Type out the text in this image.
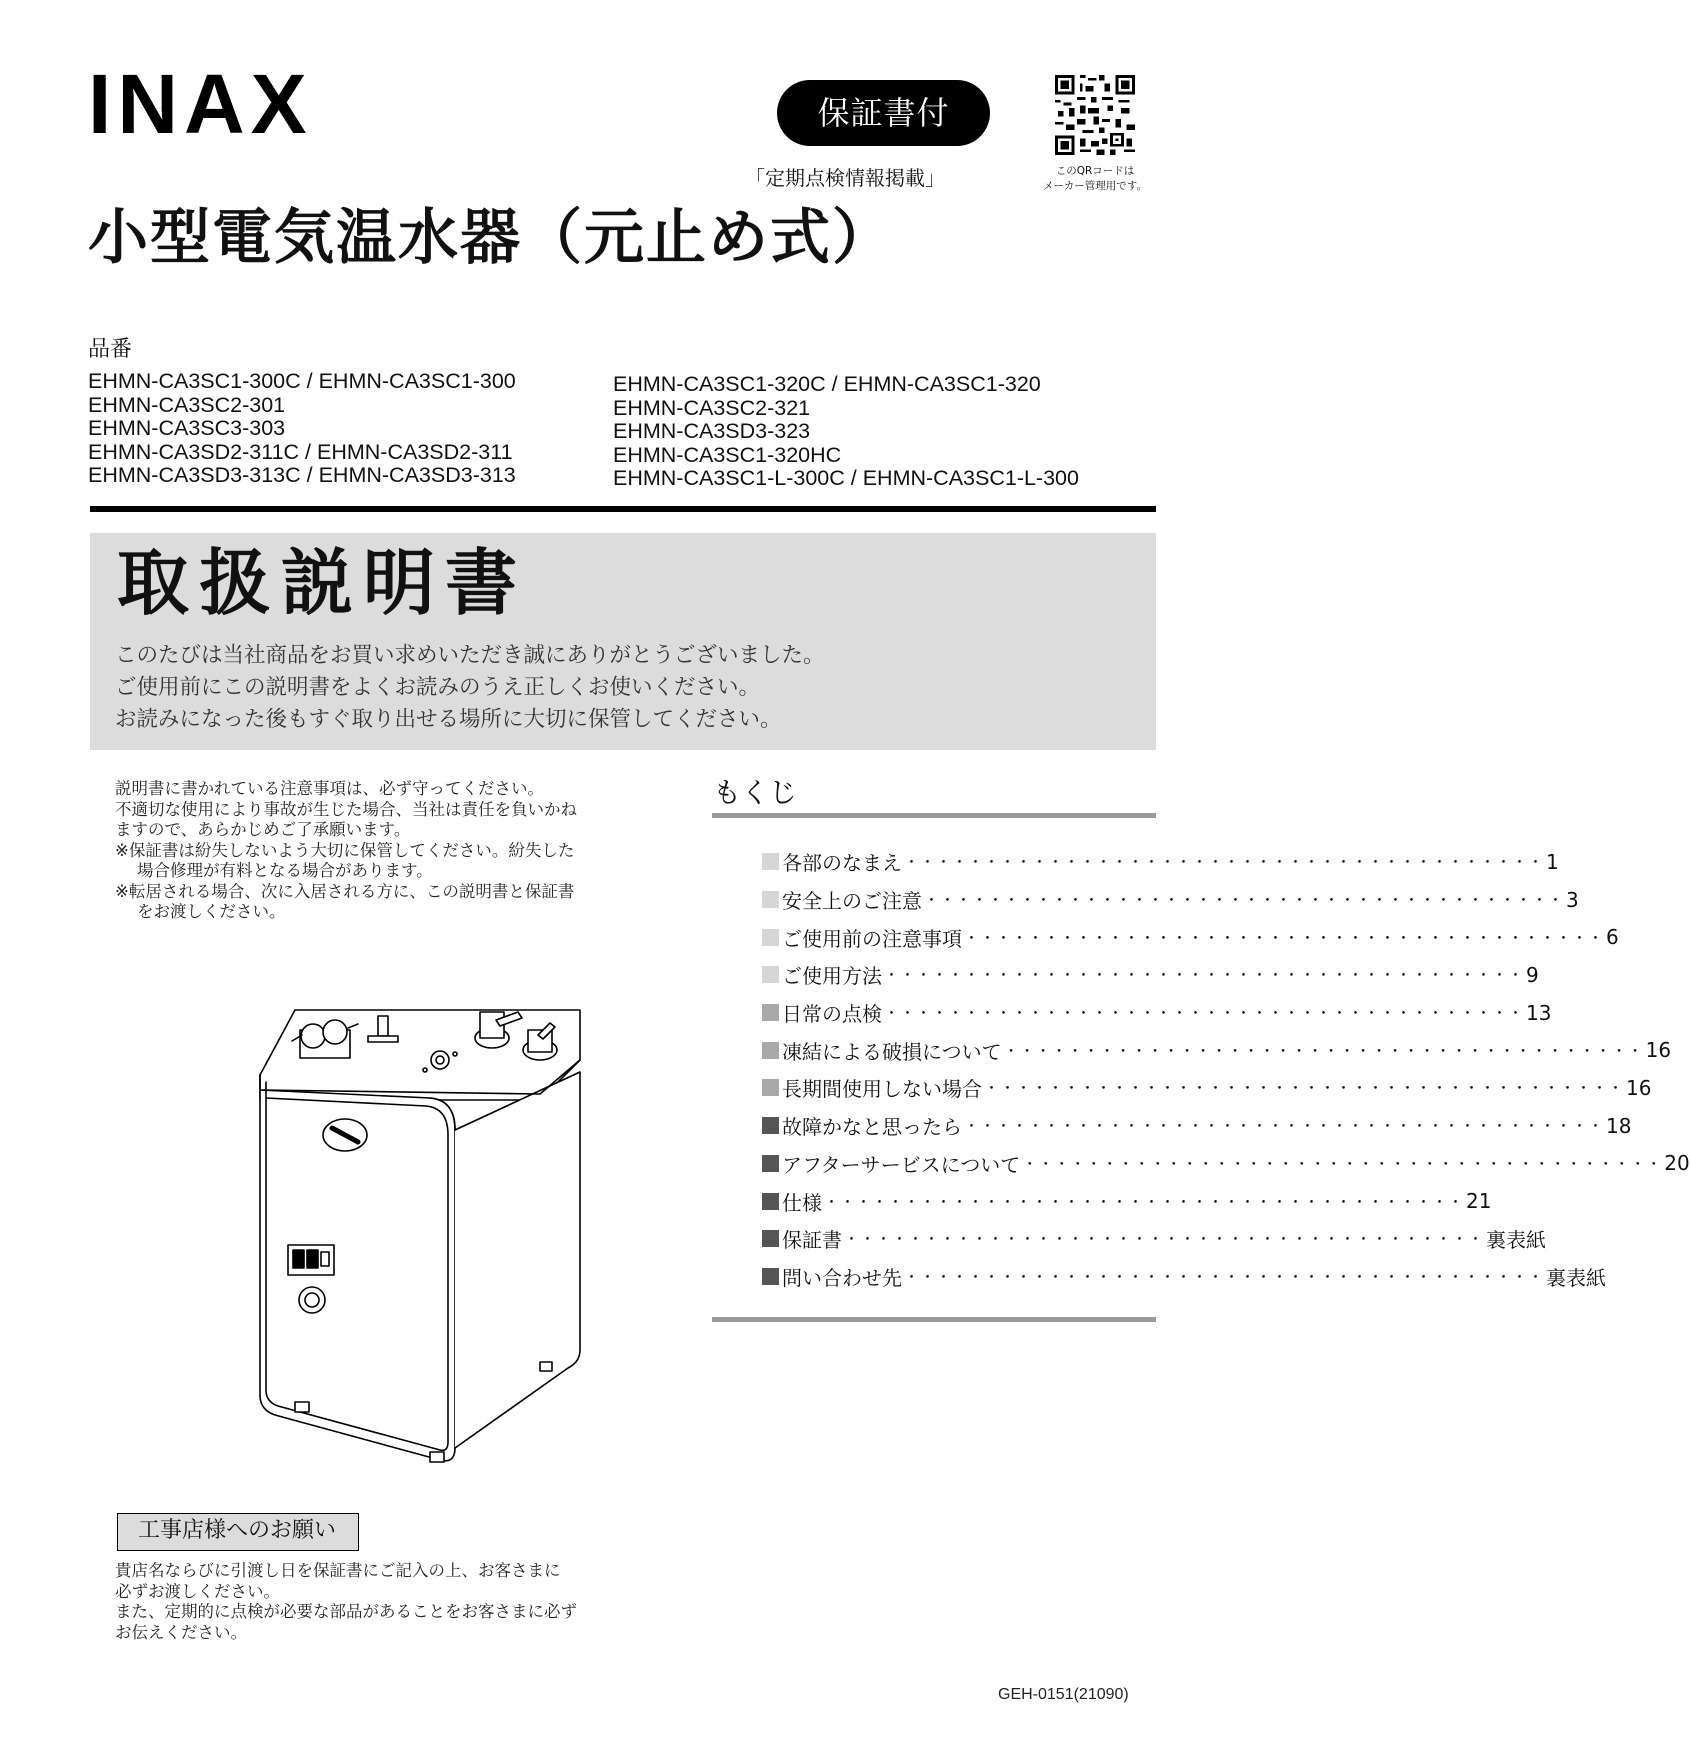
INAX	保証書付
「定期点検情報掲載」	このQRコードは
メーカー管理用です。
小型電気温水器（元止め式）
品番
EHMN-CA3SC1-300C / EHMN-CA3SC1-300
EHMN-CA3SC2-301
EHMN-CA3SC3-303
EHMN-CA3SD2-311C / EHMN-CA3SD2-311
EHMN-CA3SD3-313C / EHMN-CA3SD3-313
EHMN-CA3SC1-320C / EHMN-CA3SC1-320
EHMN-CA3SC2-321
EHMN-CA3SD3-323
EHMN-CA3SC1-320HC
EHMN-CA3SC1-L-300C / EHMN-CA3SC1-L-300
取扱説明書
このたびは当社商品をお買い求めいただき誠にありがとうございました。
ご使用前にこの説明書をよくお読みのうえ正しくお使いください。
お読みになった後もすぐ取り出せる場所に大切に保管してください。

説明書に書かれている注意事項は、必ず守ってください。

不適切な使用により事故が生じた場合、当社は責任を負いかね

ますので、あらかじめご了承願います。

※保証書は紛失しないよう大切に保管してください。紛失した

場合修理が有料となる場合があります。

※転居される場合、次に入居される方に、この説明書と保証書

をお渡しください。

もくじ
各部のなまえ ・・・・・・・・・・・・・・・・・・・・・・・・・・・・・・・・・・・・・・・・ 1
安全上のご注意 ・・・・・・・・・・・・・・・・・・・・・・・・・・・・・・・・・・・・・・・・ 3
ご使用前の注意事項 ・・・・・・・・・・・・・・・・・・・・・・・・・・・・・・・・・・・・・・・・ 6
ご使用方法 ・・・・・・・・・・・・・・・・・・・・・・・・・・・・・・・・・・・・・・・・ 9
日常の点検 ・・・・・・・・・・・・・・・・・・・・・・・・・・・・・・・・・・・・・・・・ 13
凍結による破損について ・・・・・・・・・・・・・・・・・・・・・・・・・・・・・・・・・・・・・・・・ 16
長期間使用しない場合 ・・・・・・・・・・・・・・・・・・・・・・・・・・・・・・・・・・・・・・・・ 16
故障かなと思ったら ・・・・・・・・・・・・・・・・・・・・・・・・・・・・・・・・・・・・・・・・ 18
アフターサービスについて ・・・・・・・・・・・・・・・・・・・・・・・・・・・・・・・・・・・・・・・・ 20
仕様 ・・・・・・・・・・・・・・・・・・・・・・・・・・・・・・・・・・・・・・・・ 21
保証書 ・・・・・・・・・・・・・・・・・・・・・・・・・・・・・・・・・・・・・・・・ 裏表紙
問い合わせ先 ・・・・・・・・・・・・・・・・・・・・・・・・・・・・・・・・・・・・・・・・ 裏表紙
工事店様へのお願い
貴店名ならびに引渡し日を保証書にご記入の上、お客さまに
必ずお渡しください。
また、定期的に点検が必要な部品があることをお客さまに必ず
お伝えください。
GEH-0151(21090)
